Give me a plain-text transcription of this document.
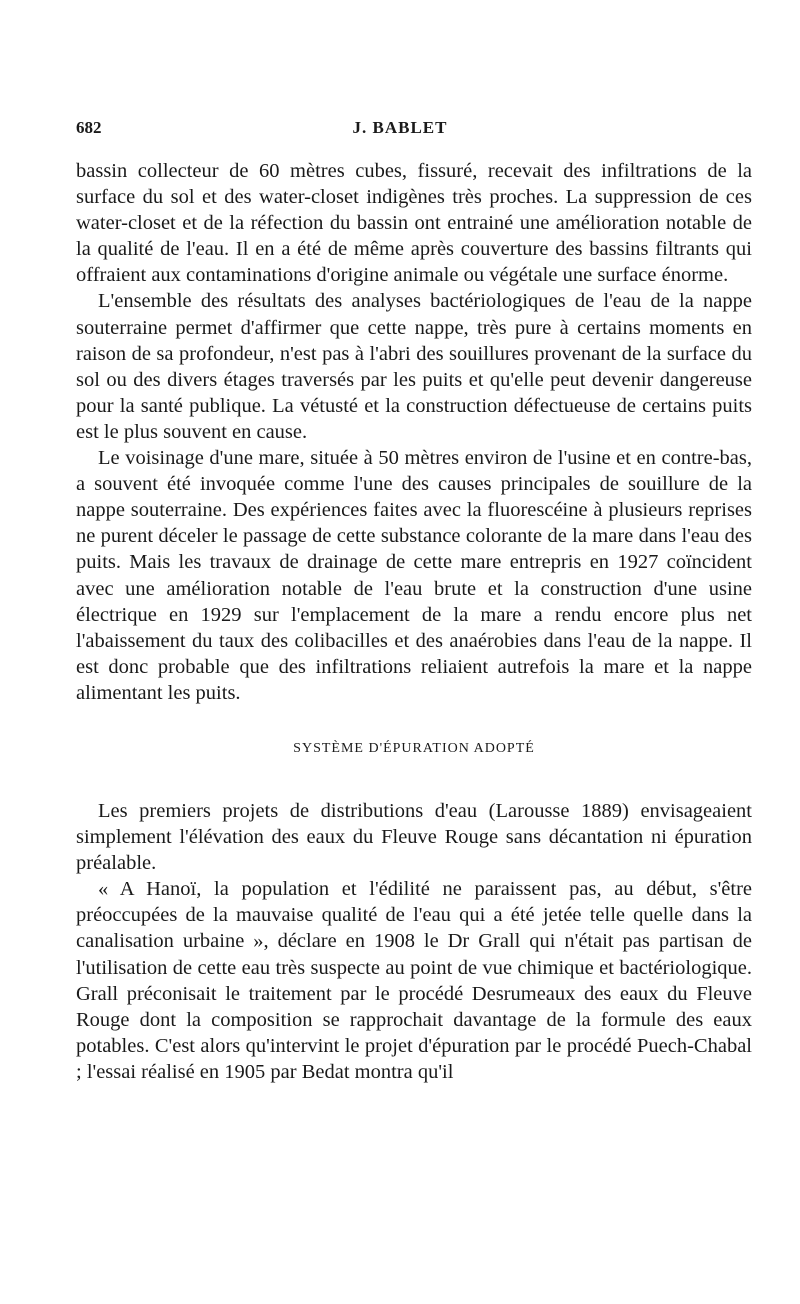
682	J. BABLET

bassin collecteur de 60 mètres cubes, fissuré, recevait des infiltrations de la surface du sol et des water-closet indigènes très proches. La suppression de ces water-closet et de la réfection du bassin ont entrainé une amélioration notable de la qualité de l'eau. Il en a été de même après couverture des bassins filtrants qui offraient aux contaminations d'origine animale ou végétale une surface énorme.

L'ensemble des résultats des analyses bactériologiques de l'eau de la nappe souterraine permet d'affirmer que cette nappe, très pure à certains moments en raison de sa profondeur, n'est pas à l'abri des souillures provenant de la surface du sol ou des divers étages traversés par les puits et qu'elle peut devenir dangereuse pour la santé publique. La vétusté et la construction défectueuse de certains puits est le plus souvent en cause.

Le voisinage d'une mare, située à 50 mètres environ de l'usine et en contre-bas, a souvent été invoquée comme l'une des causes principales de souillure de la nappe souterraine. Des expériences faites avec la fluorescéine à plusieurs reprises ne purent déceler le passage de cette substance colorante de la mare dans l'eau des puits. Mais les travaux de drainage de cette mare entrepris en 1927 coïncident avec une amélioration notable de l'eau brute et la construction d'une usine électrique en 1929 sur l'emplacement de la mare a rendu encore plus net l'abaissement du taux des colibacilles et des anaérobies dans l'eau de la nappe. Il est donc probable que des infiltrations reliaient autrefois la mare et la nappe alimentant les puits.

SYSTÈME D'ÉPURATION ADOPTÉ

Les premiers projets de distributions d'eau (Larousse 1889) envisageaient simplement l'élévation des eaux du Fleuve Rouge sans décantation ni épuration préalable.

« A Hanoï, la population et l'édilité ne paraissent pas, au début, s'être préoccupées de la mauvaise qualité de l'eau qui a été jetée telle quelle dans la canalisation urbaine », déclare en 1908 le Dr Grall qui n'était pas partisan de l'utilisation de cette eau très suspecte au point de vue chimique et bactériologique. Grall préconisait le traitement par le procédé Desrumeaux des eaux du Fleuve Rouge dont la composition se rapprochait davantage de la formule des eaux potables. C'est alors qu'intervint le projet d'épuration par le procédé Puech-Chabal ; l'essai réalisé en 1905 par Bedat montra qu'il
